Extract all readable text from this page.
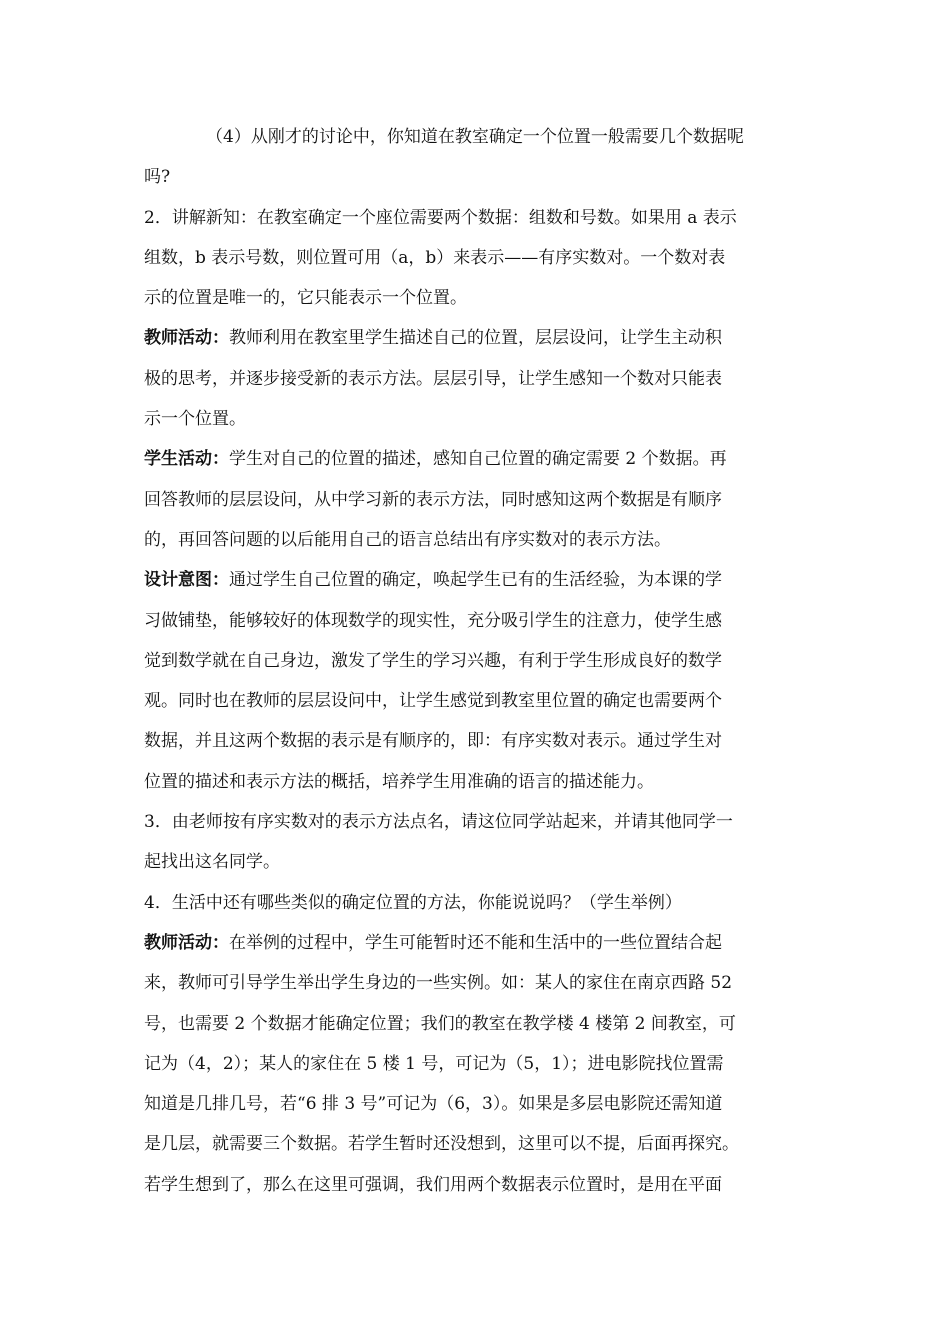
（4）从刚才的讨论中，你知道在教室确定一个位置一般需要几个数据呢
吗?
2．讲解新知：在教室确定一个座位需要两个数据：组数和号数。如果用 a 表示
组数，b 表示号数，则位置可用（a，b）来表示——有序实数对。一个数对表
示的位置是唯一的，它只能表示一个位置。
教师活动：教师利用在教室里学生描述自己的位置，层层设问，让学生主动积
极的思考，并逐步接受新的表示方法。层层引导，让学生感知一个数对只能表
示一个位置。
学生活动：学生对自己的位置的描述，感知自己位置的确定需要 2 个数据。再
回答教师的层层设问，从中学习新的表示方法，同时感知这两个数据是有顺序
的，再回答问题的以后能用自己的语言总结出有序实数对的表示方法。
设计意图：通过学生自己位置的确定，唤起学生已有的生活经验，为本课的学
习做铺垫，能够较好的体现数学的现实性，充分吸引学生的注意力，使学生感
觉到数学就在自己身边，激发了学生的学习兴趣，有利于学生形成良好的数学
观。同时也在教师的层层设问中，让学生感觉到教室里位置的确定也需要两个
数据，并且这两个数据的表示是有顺序的，即：有序实数对表示。通过学生对
位置的描述和表示方法的概括，培养学生用准确的语言的描述能力。
3．由老师按有序实数对的表示方法点名，请这位同学站起来，并请其他同学一
起找出这名同学。
4．生活中还有哪些类似的确定位置的方法，你能说说吗？（学生举例）
教师活动：在举例的过程中，学生可能暂时还不能和生活中的一些位置结合起
来，教师可引导学生举出学生身边的一些实例。如：某人的家住在南京西路 52
号，也需要 2 个数据才能确定位置；我们的教室在教学楼 4 楼第 2 间教室，可
记为（4，2）；某人的家住在 5 楼 1 号，可记为（5，1）；进电影院找位置需
知道是几排几号，若“6 排 3 号”可记为（6，3）。如果是多层电影院还需知道
是几层，就需要三个数据。若学生暂时还没想到，这里可以不提，后面再探究。
若学生想到了，那么在这里可强调，我们用两个数据表示位置时，是用在平面
